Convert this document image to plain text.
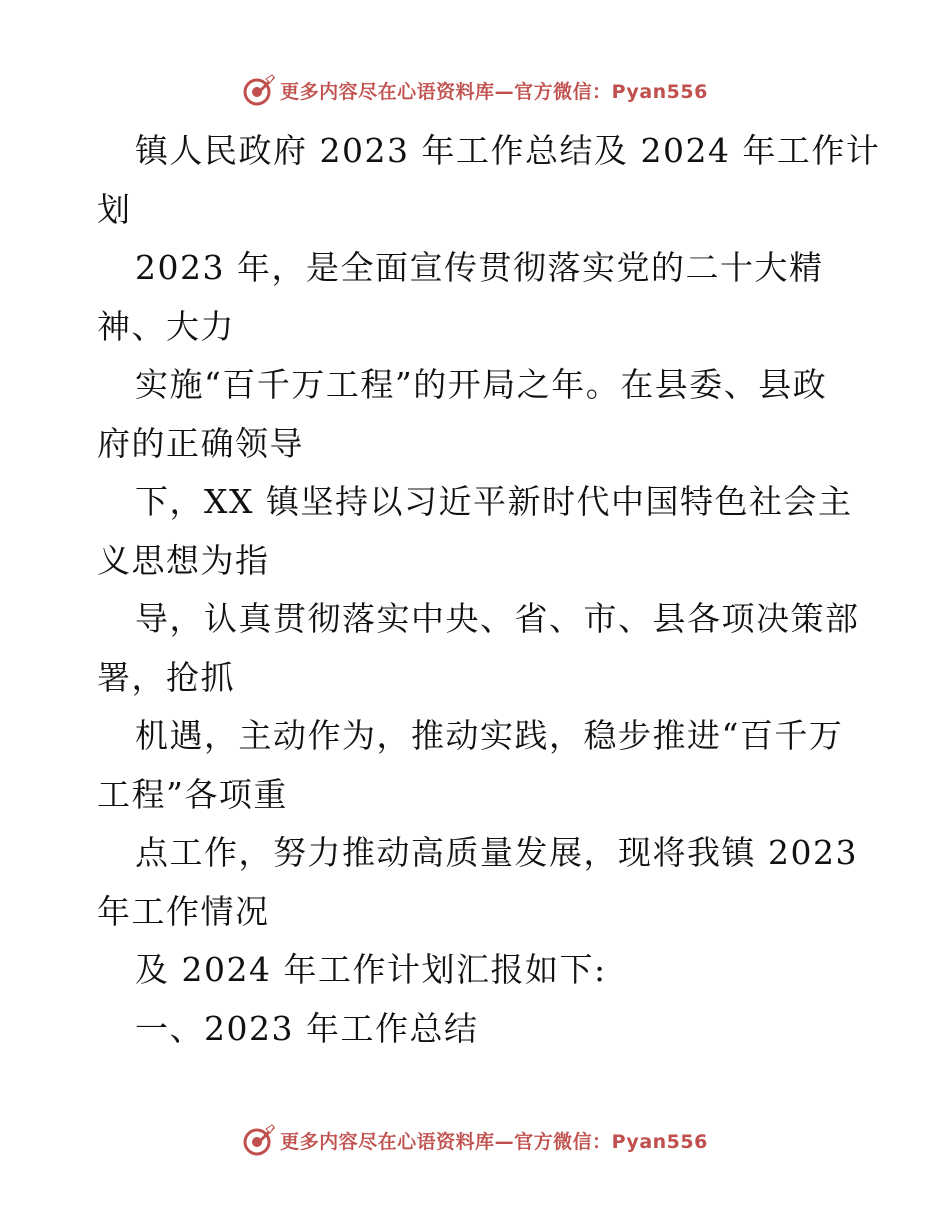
更多内容尽在心语资料库—官方微信：Pyan556
镇人民政府 2023 年工作总结及 2024 年工作计
划
2023 年，是全面宣传贯彻落实党的二十大精
神、大力
实施“百千万工程”的开局之年。在县委、县政
府的正确领导
下，XX 镇坚持以习近平新时代中国特色社会主
义思想为指
导，认真贯彻落实中央、省、市、县各项决策部
署，抢抓
机遇，主动作为，推动实践，稳步推进“百千万
工程”各项重
点工作，努力推动高质量发展，现将我镇 2023
年工作情况
及 2024 年工作计划汇报如下:
一、2023 年工作总结
更多内容尽在心语资料库—官方微信：Pyan556
